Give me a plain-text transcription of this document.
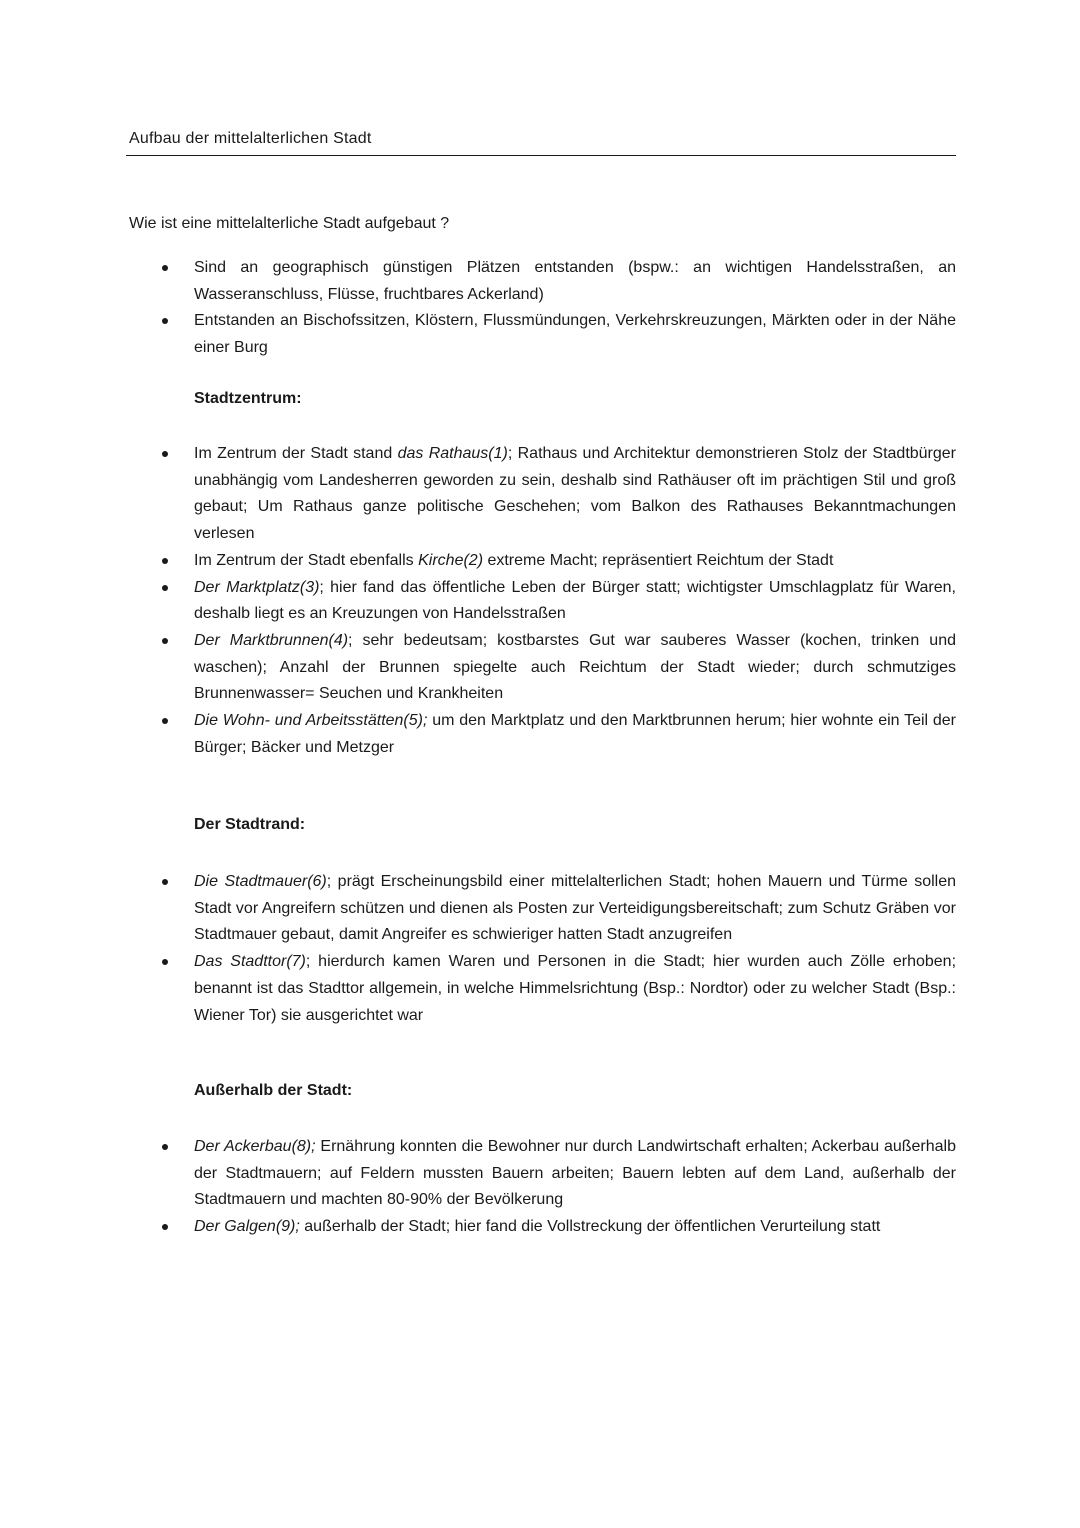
Aufbau der mittelalterlichen Stadt
Wie ist eine mittelalterliche Stadt aufgebaut ?
Sind an geographisch günstigen Plätzen entstanden (bspw.: an wichtigen Handelsstraßen, an Wasseranschluss, Flüsse, fruchtbares Ackerland)
Entstanden an Bischofssitzen, Klöstern, Flussmündungen, Verkehrskreuzungen, Märkten oder in der Nähe einer Burg
Stadtzentrum:
Im Zentrum der Stadt stand das Rathaus(1); Rathaus und Architektur demonstrieren Stolz der Stadtbürger unabhängig vom Landesherren geworden zu sein, deshalb sind Rathäuser oft im prächtigen Stil und groß gebaut; Um Rathaus ganze politische Geschehen; vom Balkon des Rathauses Bekanntmachungen verlesen
Im Zentrum der Stadt ebenfalls Kirche(2) extreme Macht; repräsentiert Reichtum der Stadt
Der Marktplatz(3); hier fand das öffentliche Leben der Bürger statt; wichtigster Umschlagplatz für Waren, deshalb liegt es an Kreuzungen von Handelsstraßen
Der Marktbrunnen(4); sehr bedeutsam; kostbarstes Gut war sauberes Wasser (kochen, trinken und waschen); Anzahl der Brunnen spiegelte auch Reichtum der Stadt wieder; durch schmutziges Brunnenwasser= Seuchen und Krankheiten
Die Wohn- und Arbeitsstätten(5); um den Marktplatz und den Marktbrunnen herum; hier wohnte ein Teil der Bürger; Bäcker und Metzger
Der Stadtrand:
Die Stadtmauer(6); prägt Erscheinungsbild einer mittelalterlichen Stadt; hohen Mauern und Türme sollen Stadt vor Angreifern schützen und dienen als Posten zur Verteidigungsbereitschaft; zum Schutz Gräben vor Stadtmauer gebaut, damit Angreifer es schwieriger hatten Stadt anzugreifen
Das Stadttor(7); hierdurch kamen Waren und Personen in die Stadt; hier wurden auch Zölle erhoben; benannt ist das Stadttor allgemein, in welche Himmelsrichtung (Bsp.: Nordtor) oder zu welcher Stadt (Bsp.: Wiener Tor) sie ausgerichtet war
Außerhalb der Stadt:
Der Ackerbau(8); Ernährung konnten die Bewohner nur durch Landwirtschaft erhalten; Ackerbau außerhalb der Stadtmauern; auf Feldern mussten Bauern arbeiten; Bauern lebten auf dem Land, außerhalb der Stadtmauern und machten 80-90% der Bevölkerung
Der Galgen(9); außerhalb der Stadt; hier fand die Vollstreckung der öffentlichen Verurteilung statt
